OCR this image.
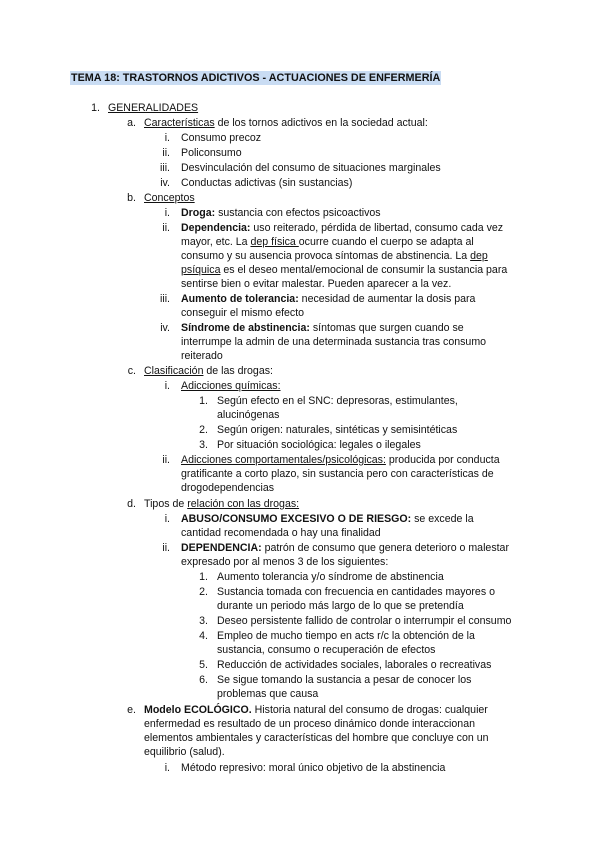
TEMA 18: TRASTORNOS ADICTIVOS - ACTUACIONES DE ENFERMERÍA
1. GENERALIDADES
a. Características de los tornos adictivos en la sociedad actual:
i. Consumo precoz
ii. Policonsumo
iii. Desvinculación del consumo de situaciones marginales
iv. Conductas adictivas (sin sustancias)
b. Conceptos
i. Droga: sustancia con efectos psicoactivos
ii. Dependencia: uso reiterado, pérdida de libertad, consumo cada vez
mayor, etc. La dep física ocurre cuando el cuerpo se adapta al
consumo y su ausencia provoca síntomas de abstinencia. La dep
psíquica es el deseo mental/emocional de consumir la sustancia para
sentirse bien o evitar malestar. Pueden aparecer a la vez.
iii. Aumento de tolerancia: necesidad de aumentar la dosis para
conseguir el mismo efecto
iv. Síndrome de abstinencia: síntomas que surgen cuando se
interrumpe la admin de una determinada sustancia tras consumo
reiterado
c. Clasificación de las drogas:
i. Adicciones químicas:
1. Según efecto en el SNC: depresoras, estimulantes,
alucinógenas
2. Según origen: naturales, sintéticas y semisintéticas
3. Por situación sociológica: legales o ilegales
ii. Adicciones comportamentales/psicológicas: producida por conducta
gratificante a corto plazo, sin sustancia pero con características de
drogodependencias
d. Tipos de relación con las drogas:
i. ABUSO/CONSUMO EXCESIVO O DE RIESGO: se excede la
cantidad recomendada o hay una finalidad
ii. DEPENDENCIA: patrón de consumo que genera deterioro o malestar
expresado por al menos 3 de los siguientes:
1. Aumento tolerancia y/o síndrome de abstinencia
2. Sustancia tomada con frecuencia en cantidades mayores o
durante un periodo más largo de lo que se pretendía
3. Deseo persistente fallido de controlar o interrumpir el consumo
4. Empleo de mucho tiempo en acts r/c la obtención de la
sustancia, consumo o recuperación de efectos
5. Reducción de actividades sociales, laborales o recreativas
6. Se sigue tomando la sustancia a pesar de conocer los
problemas que causa
e. Modelo ECOLÓGICO. Historia natural del consumo de drogas: cualquier
enfermedad es resultado de un proceso dinámico donde interaccionan
elementos ambientales y características del hombre que concluye con un
equilibrio (salud).
i. Método represivo: moral único objetivo de la abstinencia
